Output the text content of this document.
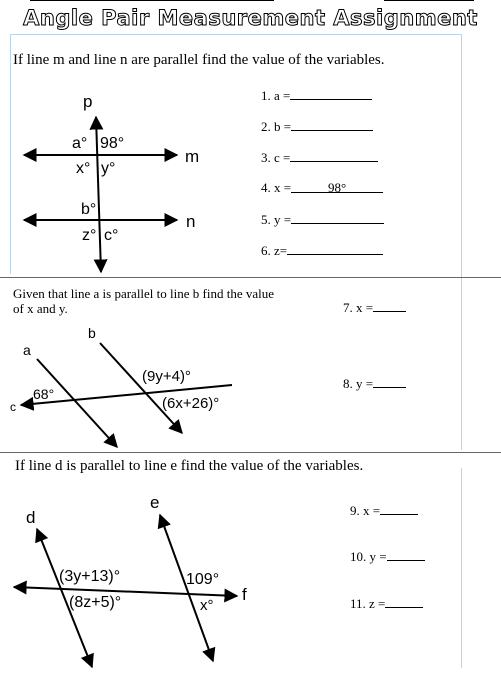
Angle Pair Measurement Assignment
If line m and line n are parallel find the value of the variables.
p
m
n
a° 98°
x° y°
b°
z° c°
1. a =
2. b =
3. c =
4. x =	98°
5. y =
6. z=
Given that line a is parallel to line b find the value
of x and y.
a
b
c
68°
(9y+4)°
(6x+26)°
7. x =
8. y =
If line d is parallel to line e find the value of the variables.
d
e
f
(3y+13)°
(8z+5)°
109°
x°
9. x =
10. y =
11. z =
